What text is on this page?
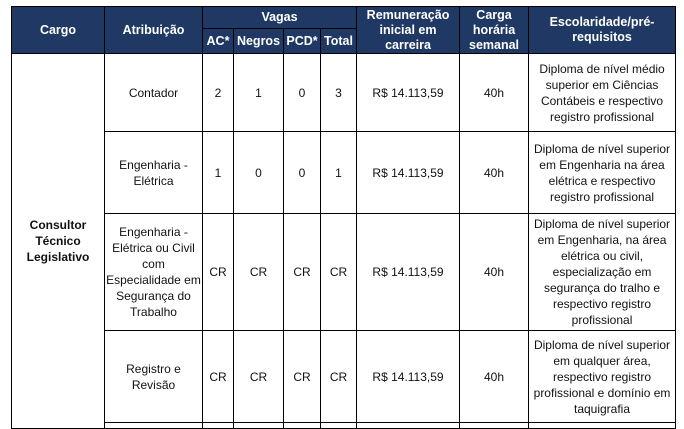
Cargo	Atribuição	Vagas				Remuneração inicial em carreira	Carga horária semanal	Escolaridade/pré-requisitos
		AC*	Negros	PCD*	Total			
Consultor Técnico Legislativo	Contador	2	1	0	3	R$ 14.113,59	40h	Diploma de nível médio superior em Ciências Contábeis e respectivo registro profissional
	Engenharia - Elétrica	1	0	0	1	R$ 14.113,59	40h	Diploma de nível superior em Engenharia na área elétrica e respectivo registro profissional
	Engenharia - Elétrica ou Civil com Especialidade em Segurança do Trabalho	CR	CR	CR	CR	R$ 14.113,59	40h	Diploma de nível superior em Engenharia, na área elétrica ou civil, especialização em segurança do tralho e respectivo registro profissional
	Registro e Revisão	CR	CR	CR	CR	R$ 14.113,59	40h	Diploma de nível superior em qualquer área, respectivo registro profissional e domínio em taquigrafia
